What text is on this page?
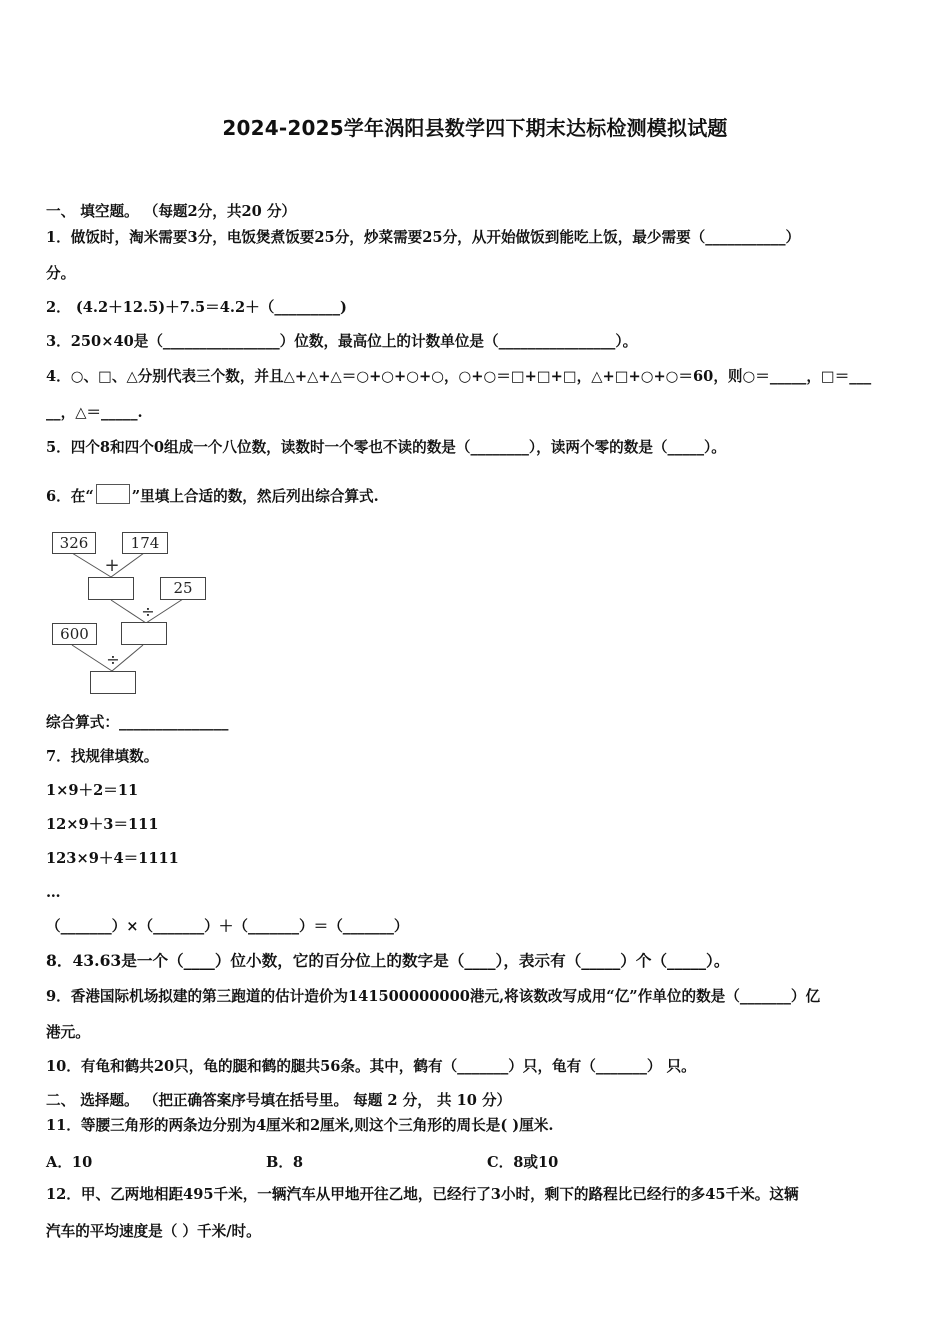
2024-2025学年涡阳县数学四下期末达标检测模拟试题
一、 填空题。 （每题2分，共20 分）
1．做饭时，淘米需要3分，电饭煲煮饭要25分，炒菜需要25分，从开始做饭到能吃上饭，最少需要（___________）
分。
2． (4.2＋12.5)＋7.5＝4.2＋（_________)
3．250×40是（________________）位数，最高位上的计数单位是（________________）。
4．○、□、△分别代表三个数，并且△+△+△＝○+○+○+○，○+○＝□+□+□，△+□+○+○＝60，则○＝_____，□＝___
__，△＝_____.
5．四个8和四个0组成一个八位数，读数时一个零也不读的数是（________），读两个零的数是（_____）。
6．在“	”里填上合适的数，然后列出综合算式.
+
÷
÷
326	174
25
600
综合算式：_______________
7．找规律填数。
1×9＋2＝11
12×9＋3＝111
123×9＋4＝1111
…
（_______）×（_______）＋（_______）＝（_______）
8．43.63是一个（____）位小数，它的百分位上的数字是（____），表示有（_____）个（_____）。
9．香港国际机场拟建的第三跑道的估计造价为141500000000港元,将该数改写成用“亿”作单位的数是（_______）亿
港元。
10．有龟和鹤共20只，龟的腿和鹤的腿共56条。其中，鹤有（_______）只，龟有（_______） 只。
二、 选择题。 （把正确答案序号填在括号里。 每题 2 分， 共 10 分）
11．等腰三角形的两条边分别为4厘米和2厘米,则这个三角形的周长是( )厘米.
A．10	B．8	C．8或10
12．甲、乙两地相距495千米，一辆汽车从甲地开往乙地，已经行了3小时，剩下的路程比已经行的多45千米。这辆
汽车的平均速度是（ ）千米/时。
